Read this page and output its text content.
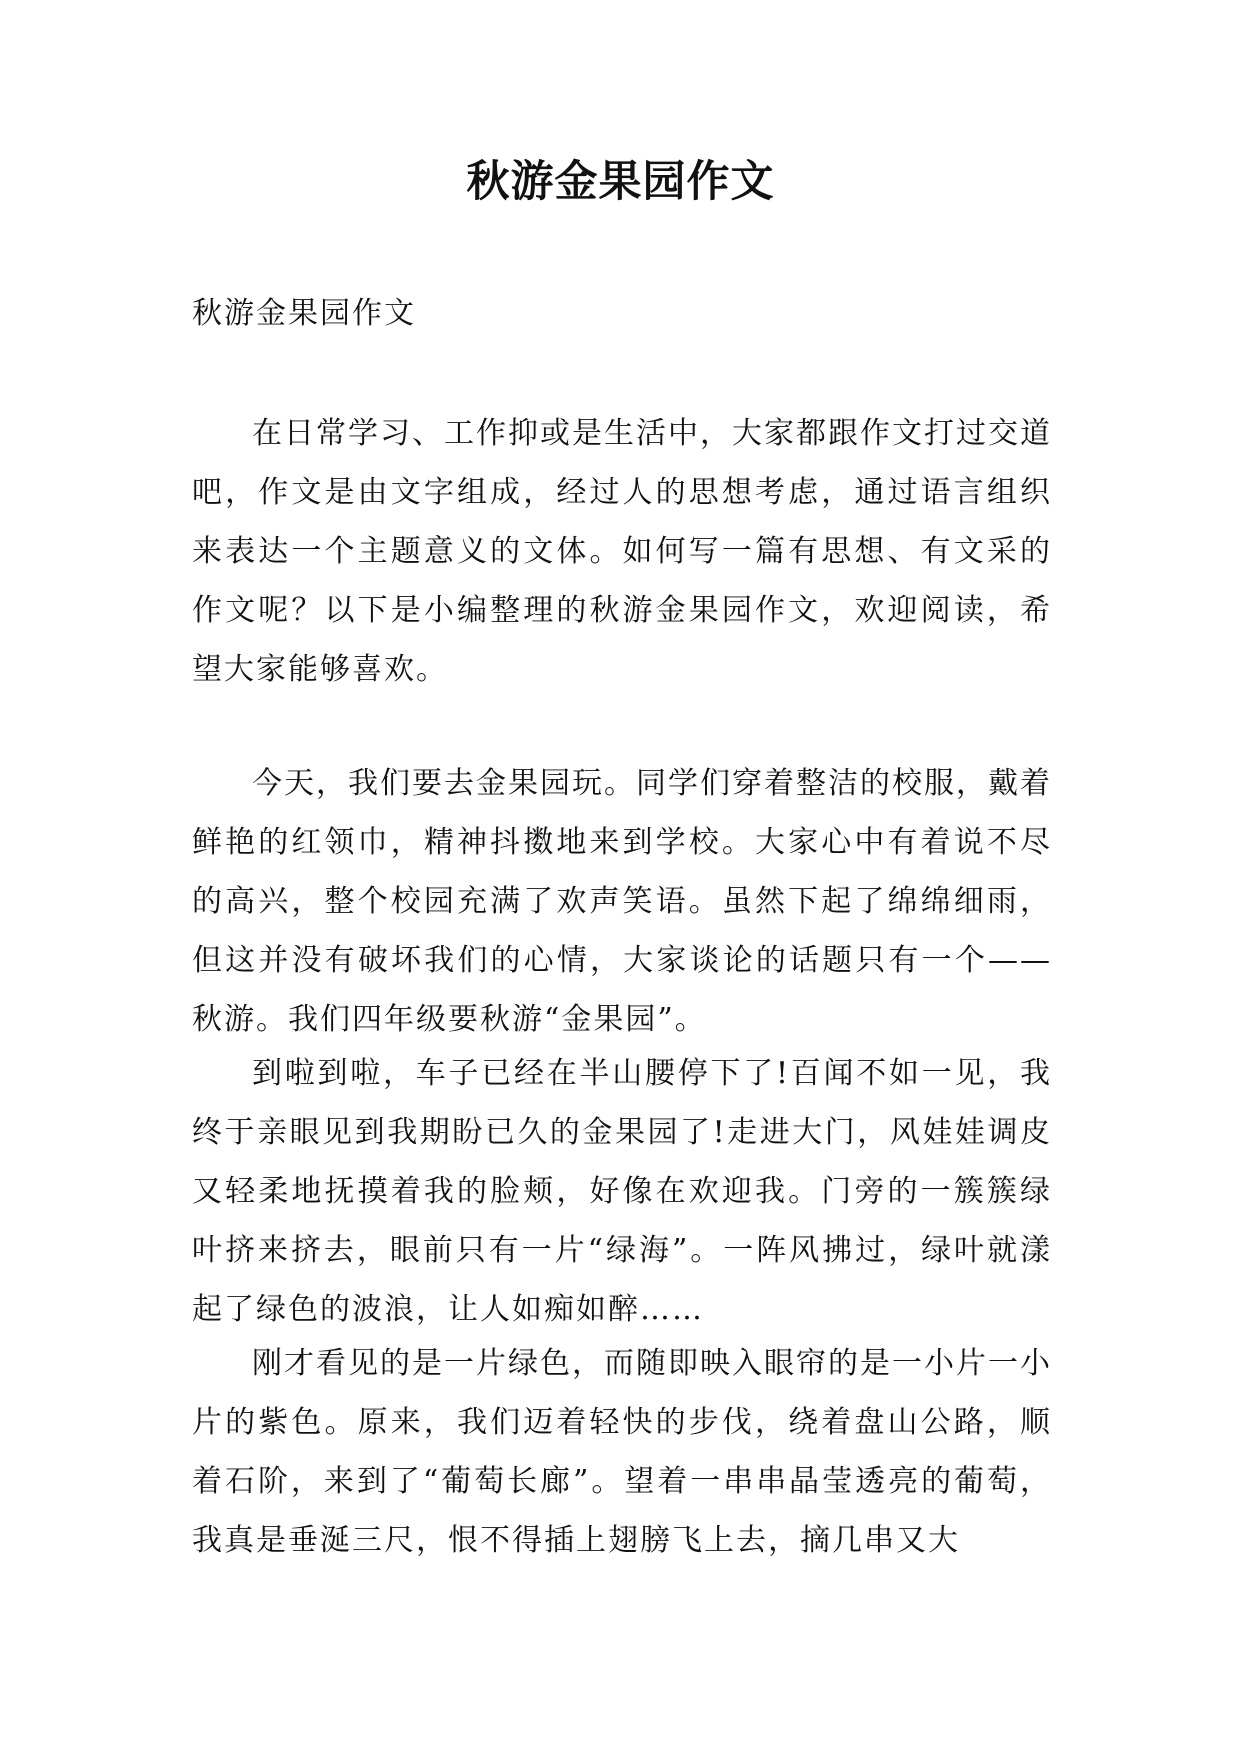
秋游金果园作文

秋游金果园作文

在日常学习、工作抑或是生活中，大家都跟作文打过交道吧，作文是由文字组成，经过人的思想考虑，通过语言组织来表达一个主题意义的文体。如何写一篇有思想、有文采的作文呢？以下是小编整理的秋游金果园作文，欢迎阅读，希望大家能够喜欢。

今天，我们要去金果园玩。同学们穿着整洁的校服，戴着鲜艳的红领巾，精神抖擞地来到学校。大家心中有着说不尽的高兴，整个校园充满了欢声笑语。虽然下起了绵绵细雨，但这并没有破坏我们的心情，大家谈论的话题只有一个——秋游。我们四年级要秋游“金果园”。

到啦到啦，车子已经在半山腰停下了!百闻不如一见，我终于亲眼见到我期盼已久的金果园了!走进大门，风娃娃调皮又轻柔地抚摸着我的脸颊，好像在欢迎我。门旁的一簇簇绿叶挤来挤去，眼前只有一片“绿海”。一阵风拂过，绿叶就漾起了绿色的波浪，让人如痴如醉……

刚才看见的是一片绿色，而随即映入眼帘的是一小片一小片的紫色。原来，我们迈着轻快的步伐，绕着盘山公路，顺着石阶，来到了“葡萄长廊”。望着一串串晶莹透亮的葡萄，我真是垂涎三尺，恨不得插上翅膀飞上去，摘几串又大
